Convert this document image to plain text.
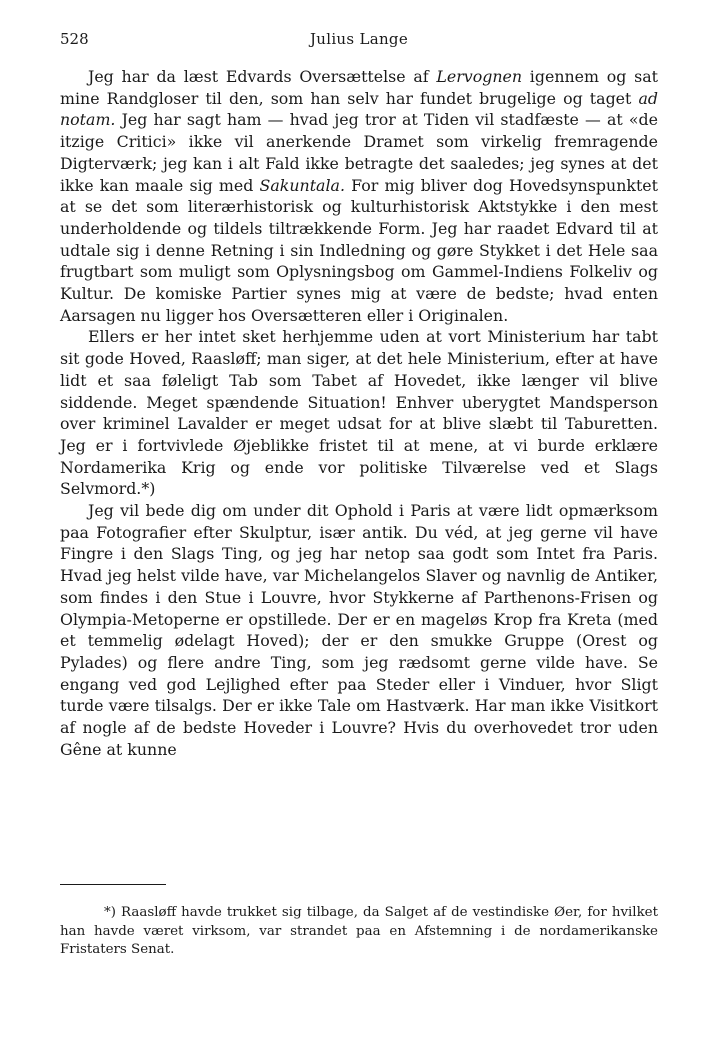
528	Julius Lange

Jeg har da læst Edvards Oversættelse af Lervognen igennem og sat mine Randgloser til den, som han selv har fundet brugelige og taget ad notam. Jeg har sagt ham — hvad jeg tror at Tiden vil stadfæste — at «de itzige Critici» ikke vil anerkende Dramet som virkelig fremragende Digterværk; jeg kan i alt Fald ikke betragte det saaledes; jeg synes at det ikke kan maale sig med Sakuntala. For mig bliver dog Hovedsynspunktet at se det som literærhistorisk og kulturhistorisk Aktstykke i den mest underholdende og tildels tiltrækkende Form. Jeg har raadet Edvard til at udtale sig i denne Retning i sin Indledning og gøre Stykket i det Hele saa frugtbart som muligt som Oplysningsbog om Gammel-Indiens Folkeliv og Kultur. De komiske Partier synes mig at være de bedste; hvad enten Aarsagen nu ligger hos Oversætteren eller i Originalen.

Ellers er her intet sket herhjemme uden at vort Ministerium har tabt sit gode Hoved, Raasløff; man siger, at det hele Ministerium, efter at have lidt et saa føleligt Tab som Tabet af Hovedet, ikke længer vil blive siddende. Meget spændende Situation! Enhver uberygtet Mandsperson over kriminel Lavalder er meget udsat for at blive slæbt til Taburetten. Jeg er i fortvivlede Øjeblikke fristet til at mene, at vi burde erklære Nordamerika Krig og ende vor politiske Tilværelse ved et Slags Selvmord.*)

Jeg vil bede dig om under dit Ophold i Paris at være lidt opmærksom paa Fotografier efter Skulptur, især antik. Du véd, at jeg gerne vil have Fingre i den Slags Ting, og jeg har netop saa godt som Intet fra Paris. Hvad jeg helst vilde have, var Michelangelos Slaver og navnlig de Antiker, som findes i den Stue i Louvre, hvor Stykkerne af Parthenons-Frisen og Olympia-Metoperne er opstillede. Der er en mageløs Krop fra Kreta (med et temmelig ødelagt Hoved); der er den smukke Gruppe (Orest og Pylades) og flere andre Ting, som jeg rædsomt gerne vilde have. Se engang ved god Lejlighed efter paa Steder eller i Vinduer, hvor Sligt turde være tilsalgs. Der er ikke Tale om Hastværk. Har man ikke Visitkort af nogle af de bedste Hoveder i Louvre? Hvis du overhovedet tror uden Gêne at kunne

*) Raasløff havde trukket sig tilbage, da Salget af de vestindiske Øer, for hvilket han havde været virksom, var strandet paa en Afstemning i de nordamerikanske Fristaters Senat.
